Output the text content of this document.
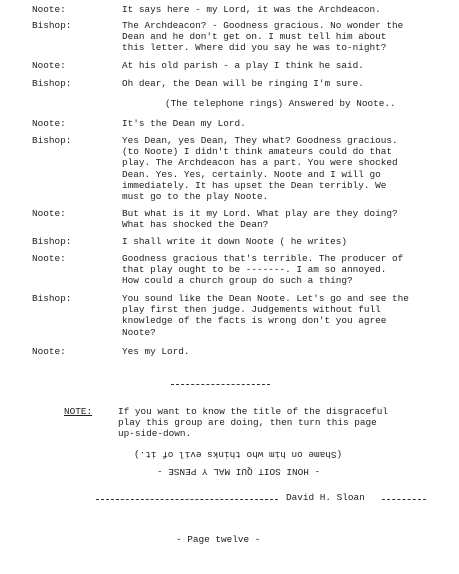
Noote:	It says here - my Lord, it was the Archdeacon.
Bishop:	The Archdeacon? - Goodness gracious. No wonder the
Dean and he don't get on. I must tell him about
this letter. Where did you say he was to-night?
Noote:	At his old parish - a play I think he said.
Bishop:	Oh dear, the Dean will be ringing I'm sure.
(The telephone rings) Answered by Noote..
Noote:	It's the Dean my Lord.
Bishop:	Yes Dean, yes Dean, They what? Goodness gracious.
(to Noote) I didn't think amateurs could do that
play. The Archdeacon has a part. You were shocked
Dean. Yes. Yes, certainly. Noote and I will go
immediately. It has upset the Dean terribly. We
must go to the play Noote.
Noote:	But what is it my Lord. What play are they doing?
What has shocked the Dean?
Bishop:	I shall write it down Noote ( he writes)
Noote:	Goodness gracious that's terrible. The producer of
that play ought to be -------. I am so annoyed.
How could a church group do such a thing?
Bishop:	You sound like the Dean Noote. Let's go and see the
play first then judge. Judgements without full
knowledge of the facts is wrong don't you agree
Noote?
Noote:	Yes my Lord.
NOTE:	If you want to know the title of the disgraceful
play this group are doing, then turn this page
up-side-down.
(Shame on him who thinks evil of it.)
- HONI SOIT QUI MAL Y PENSE -
David H. Sloan
- Page twelve -
